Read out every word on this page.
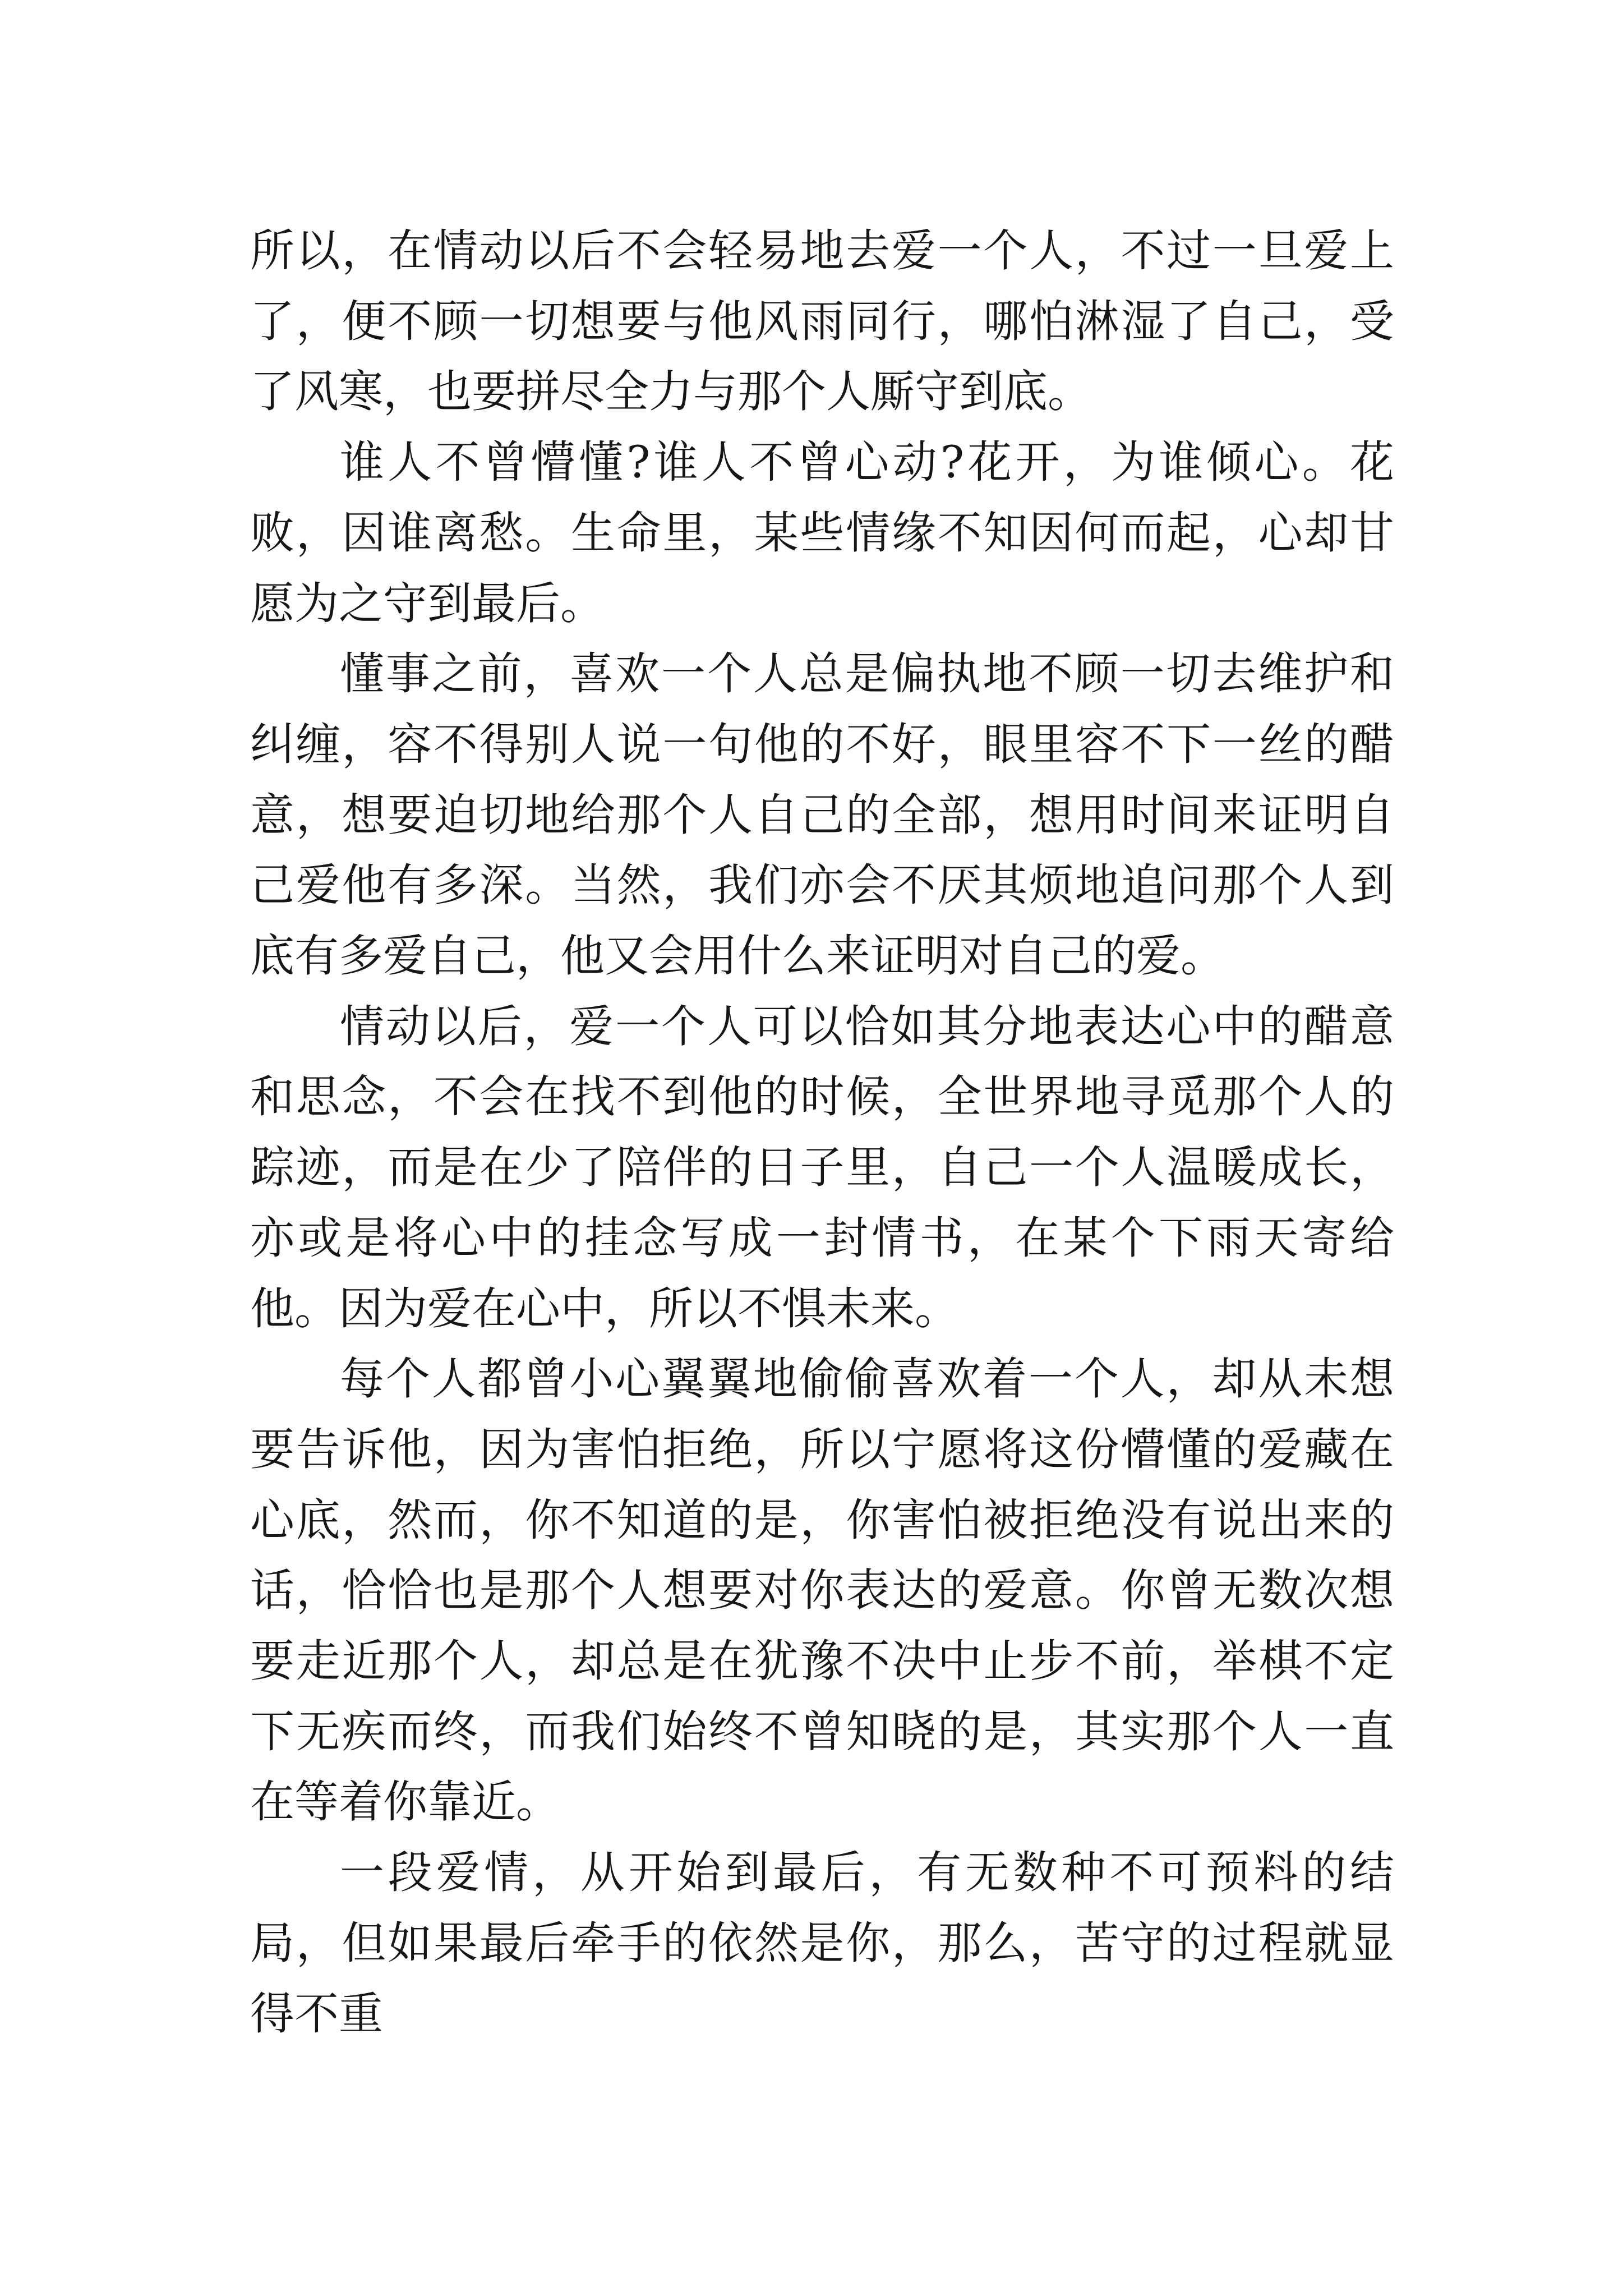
所以，在情动以后不会轻易地去爱一个人，不过一旦爱上了，便不顾一切想要与他风雨同行，哪怕淋湿了自己，受了风寒，也要拼尽全力与那个人厮守到底。

谁人不曾懵懂?谁人不曾心动?花开，为谁倾心。花败，因谁离愁。生命里，某些情缘不知因何而起，心却甘愿为之守到最后。

懂事之前，喜欢一个人总是偏执地不顾一切去维护和纠缠，容不得别人说一句他的不好，眼里容不下一丝的醋意，想要迫切地给那个人自己的全部，想用时间来证明自己爱他有多深。当然，我们亦会不厌其烦地追问那个人到底有多爱自己，他又会用什么来证明对自己的爱。

情动以后，爱一个人可以恰如其分地表达心中的醋意和思念，不会在找不到他的时候，全世界地寻觅那个人的踪迹，而是在少了陪伴的日子里，自己一个人温暖成长，亦或是将心中的挂念写成一封情书，在某个下雨天寄给他。因为爱在心中，所以不惧未来。

每个人都曾小心翼翼地偷偷喜欢着一个人，却从未想要告诉他，因为害怕拒绝，所以宁愿将这份懵懂的爱藏在心底，然而，你不知道的是，你害怕被拒绝没有说出来的话，恰恰也是那个人想要对你表达的爱意。你曾无数次想要走近那个人，却总是在犹豫不决中止步不前，举棋不定下无疾而终，而我们始终不曾知晓的是，其实那个人一直在等着你靠近。

一段爱情，从开始到最后，有无数种不可预料的结局，但如果最后牵手的依然是你，那么，苦守的过程就显得不重
